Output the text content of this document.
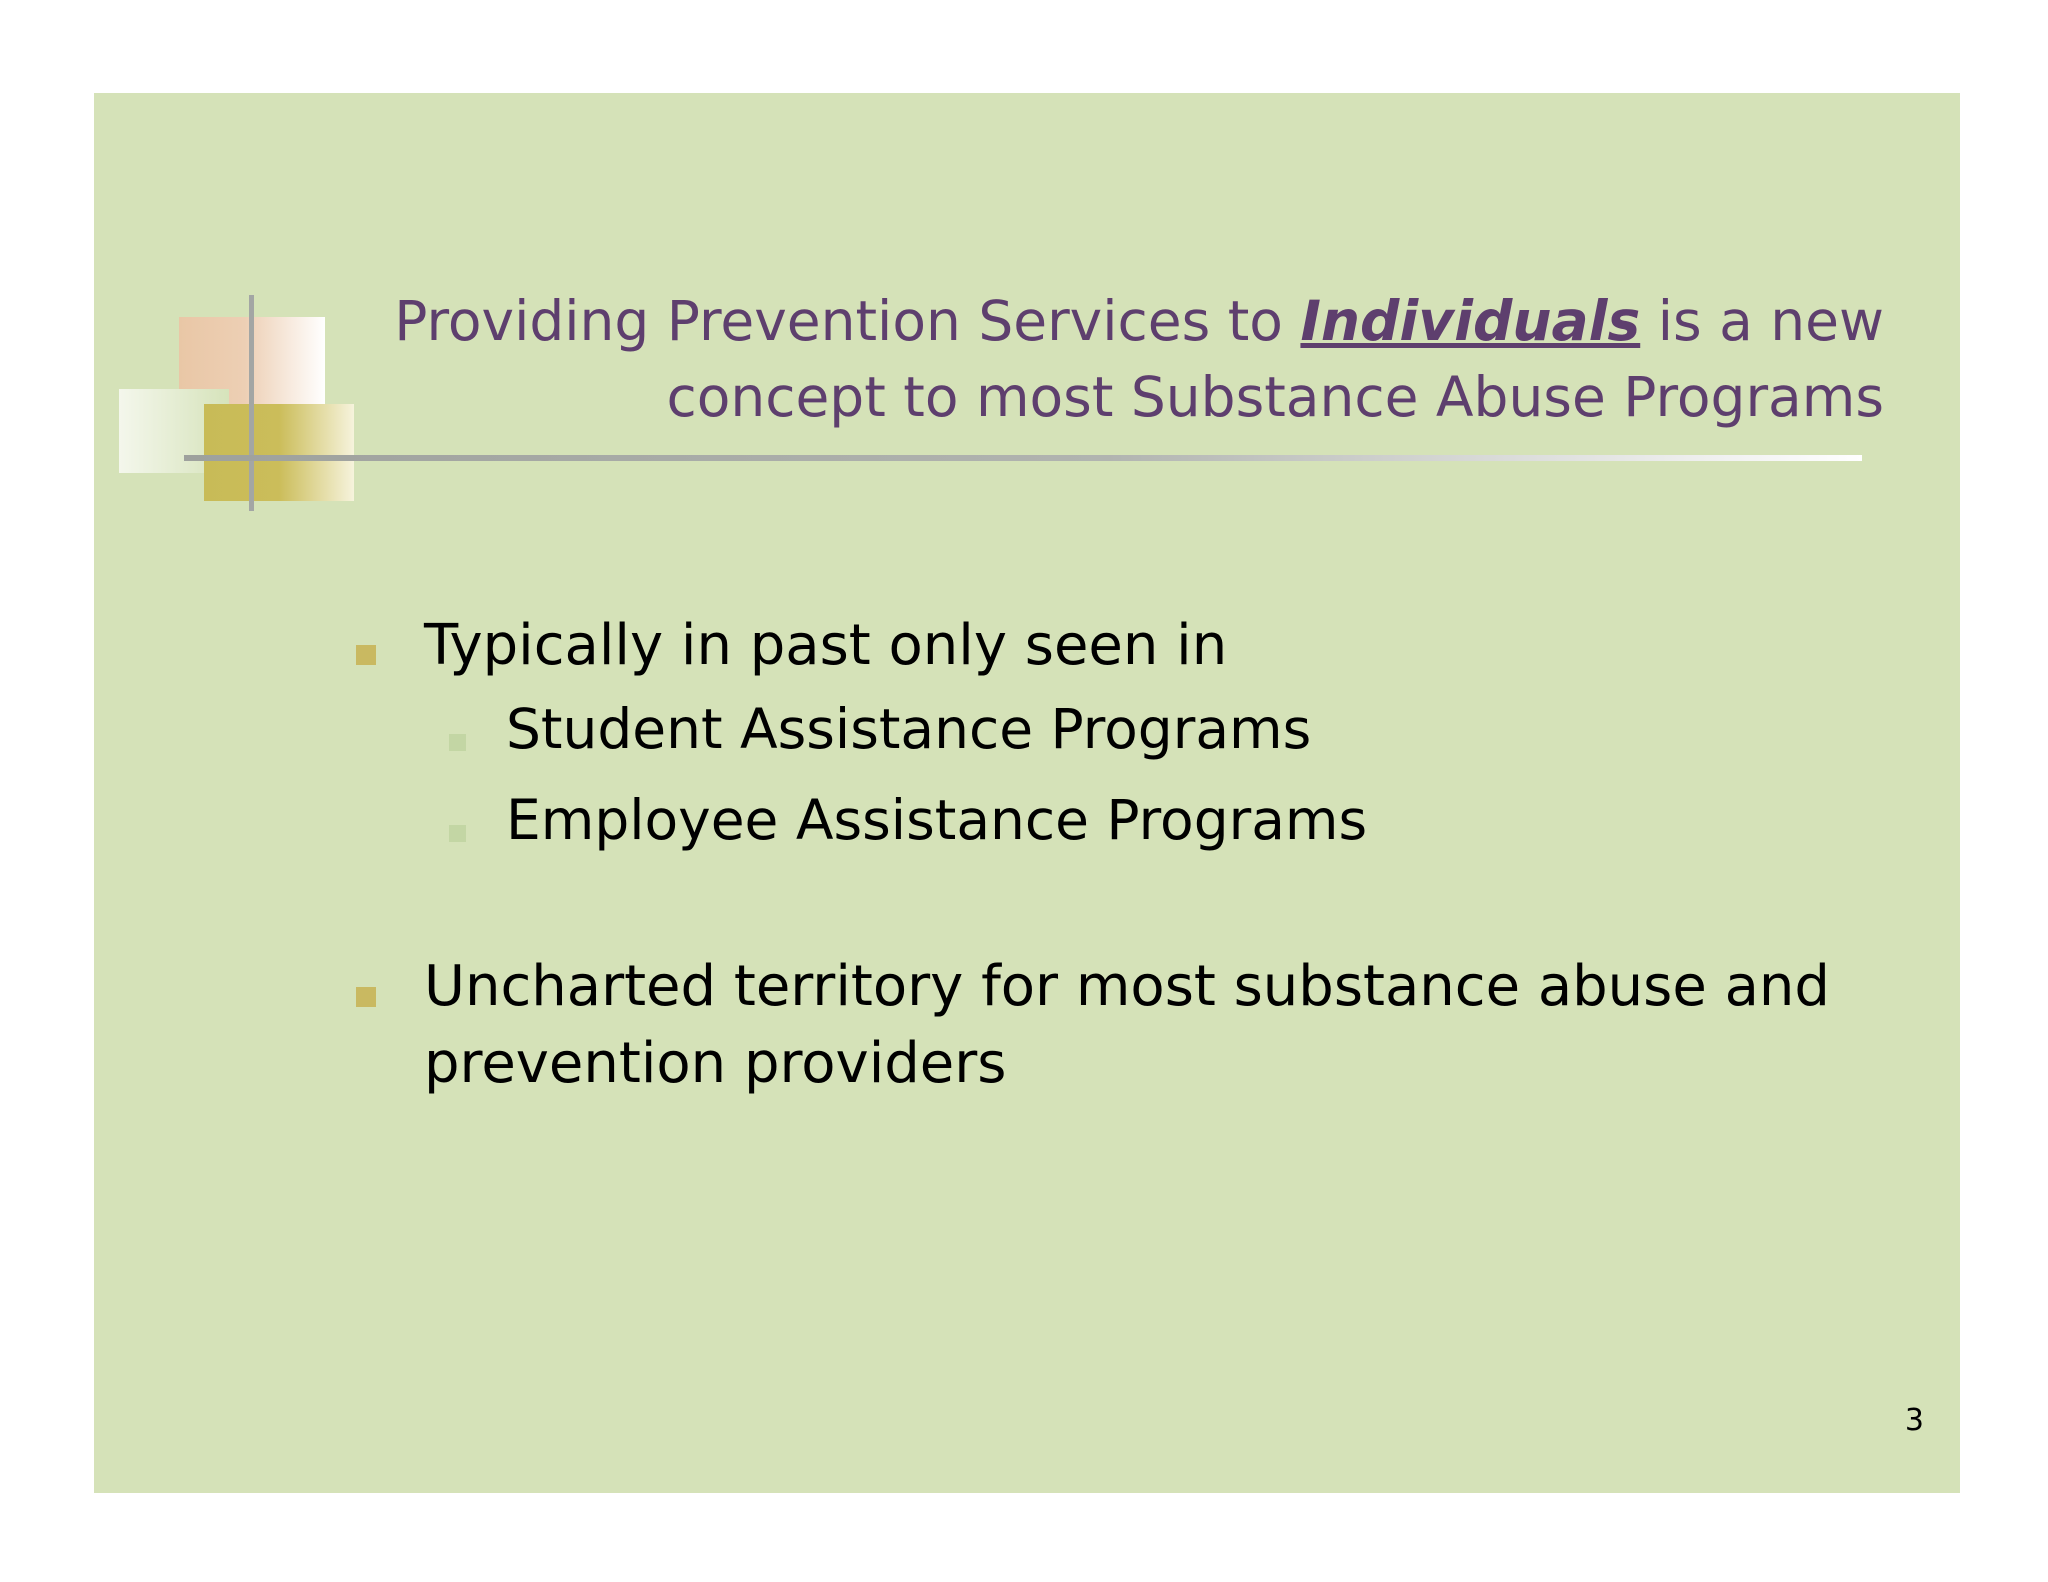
Providing Prevention Services to Individuals is a new concept to most Substance Abuse Programs
Typically in past only seen in
Student Assistance Programs
Employee Assistance Programs
Uncharted territory for most substance abuse and prevention providers
3
